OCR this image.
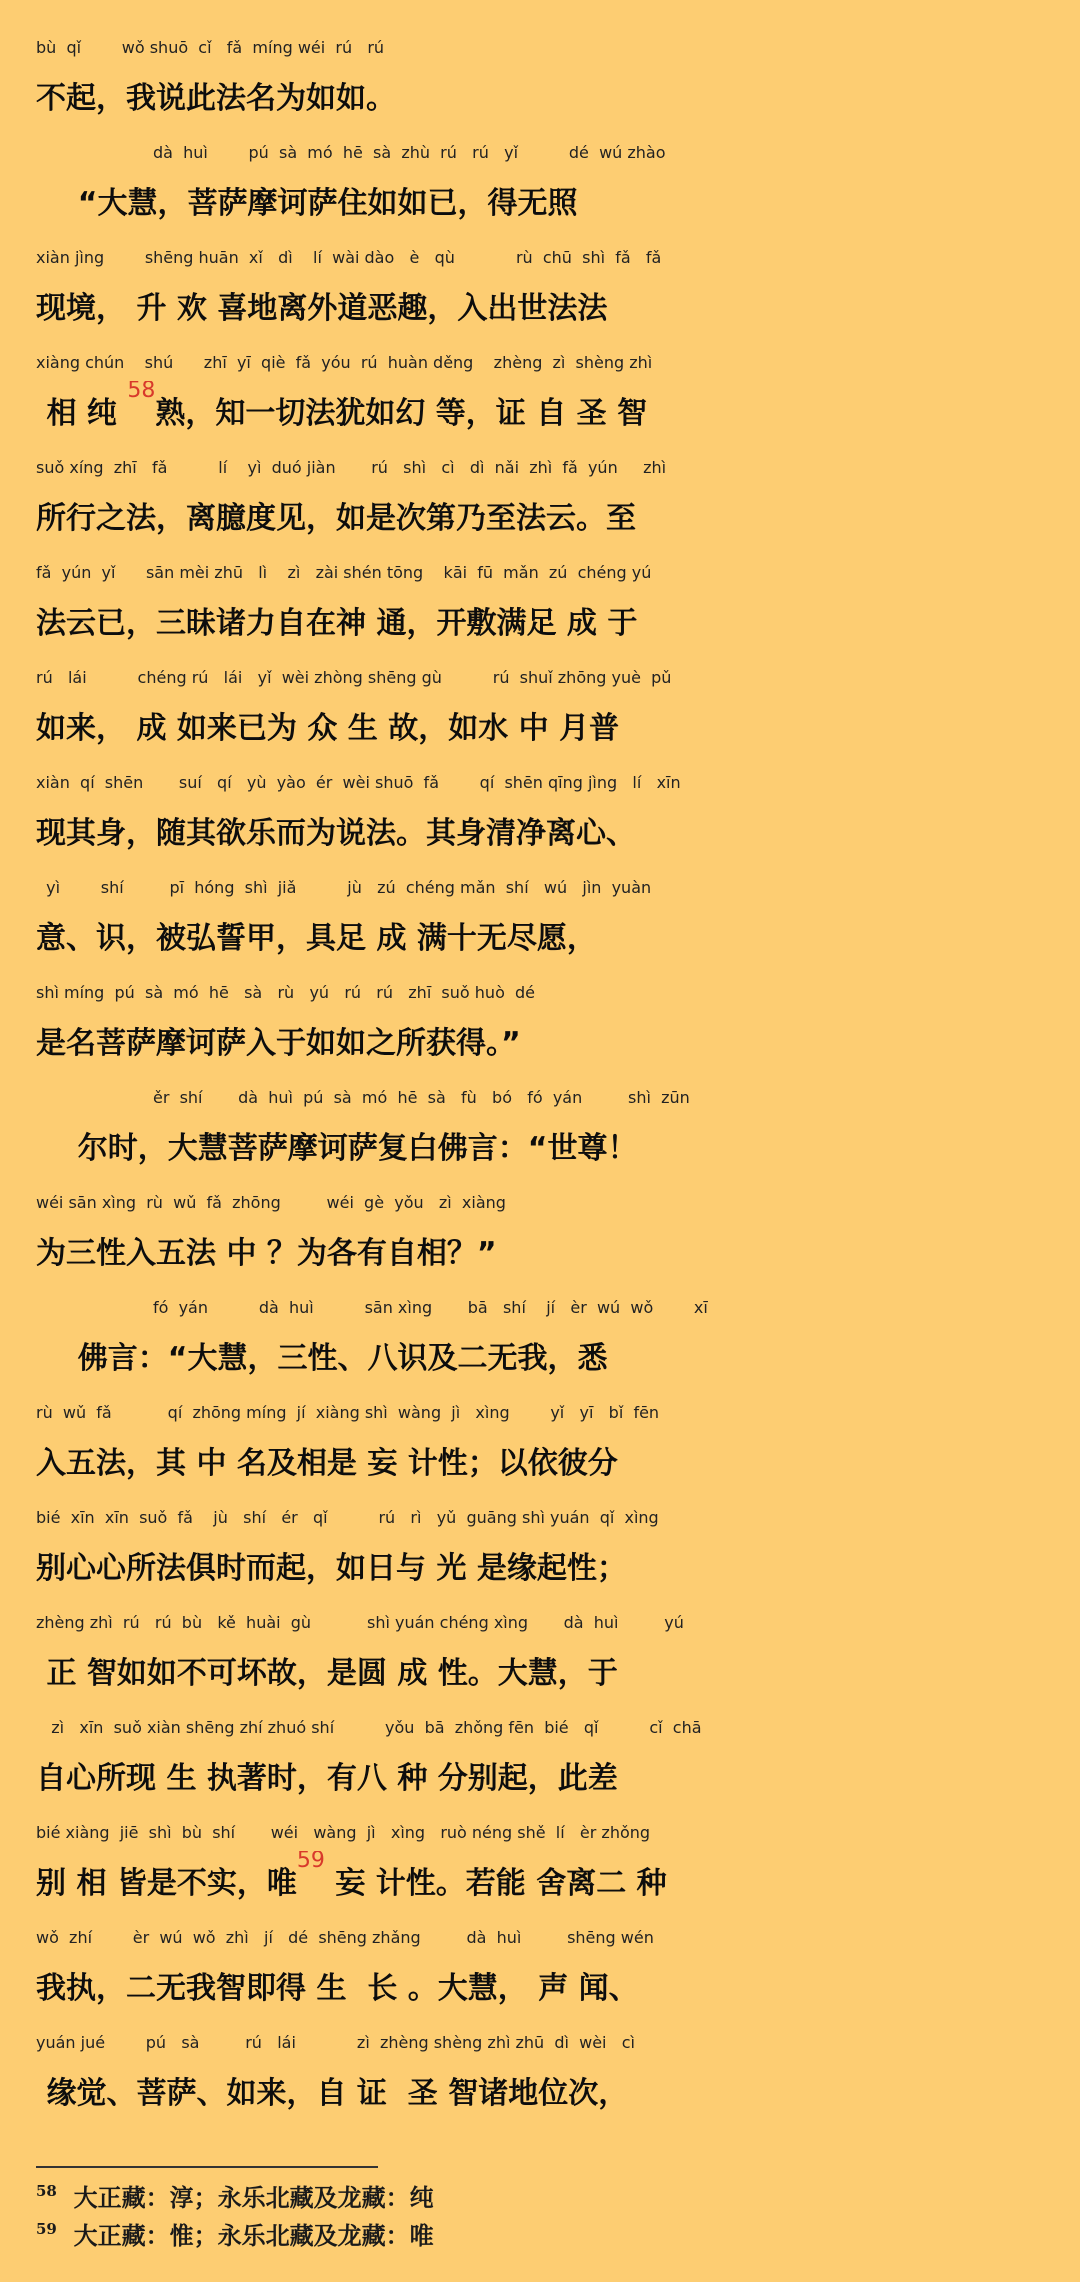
bù  qǐ        wǒ shuō  cǐ   fǎ  míng wéi  rú   rú
不起，我说此法名为如如。
dà  huì        pú  sà  mó  hē  sà  zhù  rú   rú   yǐ          dé  wú zhào
“大慧，菩萨摩诃萨住如如已，得无照
xiàn jìng        shēng huān  xǐ   dì    lí  wài dào   è   qù            rù  chū  shì  fǎ   fǎ
现境， 升 欢 喜地离外道恶趣，入出世法法
xiàng chún    shú      zhī  yī  qiè  fǎ  yóu  rú  huàn děng    zhèng  zì  shèng zhì
相 纯 $^{58}$熟，知一切法犹如幻 等，证 自 圣 智
suǒ xíng  zhī   fǎ          lí    yì  duó jiàn       rú   shì   cì   dì  nǎi  zhì  fǎ  yún     zhì
所行之法，离臆度见，如是次第乃至法云。至
fǎ  yún  yǐ      sān mèi zhū   lì    zì   zài shén tōng    kāi  fū  mǎn  zú  chéng yú
法云已，三昧诸力自在神 通，开敷满足 成 于
rú   lái          chéng rú   lái   yǐ  wèi zhòng shēng gù          rú  shuǐ zhōng yuè  pǔ
如来， 成 如来已为 众 生 故，如水 中 月普
xiàn  qí  shēn       suí   qí   yù  yào  ér  wèi shuō  fǎ        qí  shēn qīng jìng   lí   xīn
现其身，随其欲乐而为说法。其身清净离心、
yì        shí         pī  hóng  shì  jiǎ          jù   zú  chéng mǎn  shí   wú   jìn  yuàn
意、识，被弘誓甲，具足 成 满十无尽愿，
shì míng  pú  sà  mó  hē   sà   rù   yú   rú   rú   zhī  suǒ huò  dé
是名菩萨摩诃萨入于如如之所获得。”
ěr  shí       dà  huì  pú  sà  mó  hē  sà   fù   bó   fó  yán         shì  zūn
尔时，大慧菩萨摩诃萨复白佛言：“世尊！
wéi sān xìng  rù  wǔ  fǎ  zhōng         wéi  gè  yǒu   zì  xiàng
为三性入五法 中 ？为各有自相？”
fó  yán          dà  huì          sān xìng       bā   shí    jí   èr  wú  wǒ        xī
佛言：“大慧，三性、八识及二无我，悉
rù  wǔ  fǎ           qí  zhōng míng  jí  xiàng shì  wàng  jì   xìng        yǐ   yī   bǐ  fēn
入五法，其 中 名及相是 妄 计性；以依彼分
bié  xīn  xīn  suǒ  fǎ    jù   shí   ér   qǐ          rú   rì   yǔ  guāng shì yuán  qǐ  xìng
别心心所法俱时而起，如日与 光 是缘起性；
zhèng zhì  rú   rú  bù   kě  huài  gù           shì yuán chéng xìng       dà  huì         yú
正 智如如不可坏故，是圆 成 性。大慧，于
zì   xīn  suǒ xiàn shēng zhí zhuó shí          yǒu  bā  zhǒng fēn  bié   qǐ          cǐ  chā
自心所现 生 执著时，有八 种 分别起，此差
bié xiàng  jiē  shì  bù  shí       wéi   wàng  jì   xìng   ruò néng shě  lí   èr zhǒng
别 相 皆是不实，唯$^{59}$ 妄 计性。若能 舍离二 种
wǒ  zhí        èr  wú  wǒ  zhì   jí   dé  shēng zhǎng         dà  huì         shēng wén
我执，二无我智即得 生  长 。大慧， 声 闻、
yuán jué        pú   sà         rú   lái            zì  zhèng shèng zhì zhū  dì  wèi   cì
缘觉、菩萨、如来，自 证  圣 智诸地位次，
$^{58}$  大正藏：淳；永乐北藏及龙藏：纯
$^{59}$  大正藏：惟；永乐北藏及龙藏：唯
